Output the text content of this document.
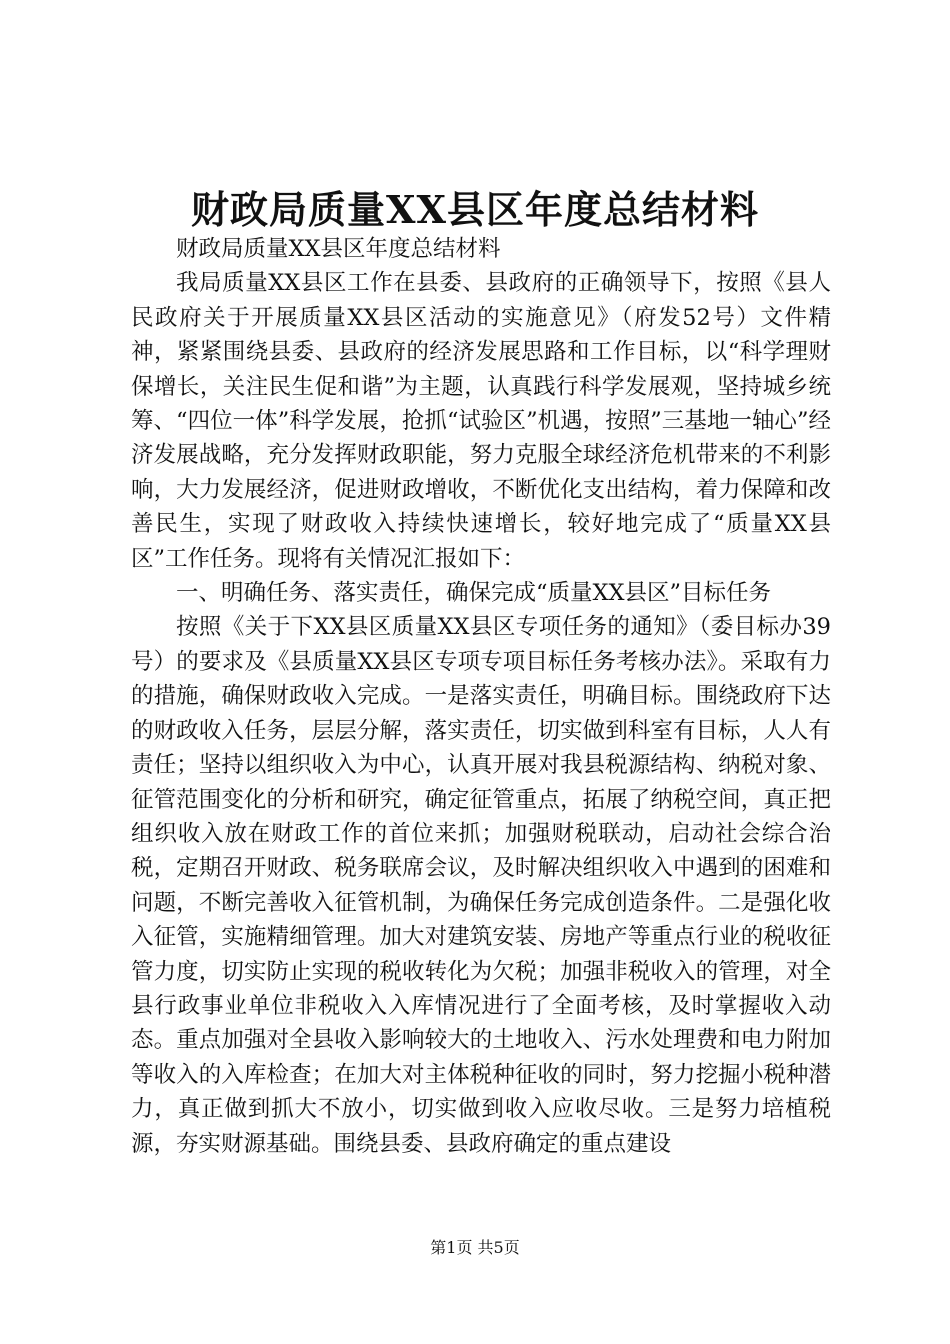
财政局质量XX县区年度总结材料

财政局质量XX县区年度总结材料

我局质量XX县区工作在县委、县政府的正确领导下，按照《县人民政府关于开展质量XX县区活动的实施意见》（府发52号）文件精神，紧紧围绕县委、县政府的经济发展思路和工作目标，以“科学理财保增长，关注民生促和谐”为主题，认真践行科学发展观，坚持城乡统筹、“四位一体”科学发展，抢抓“试验区”机遇，按照”三基地一轴心”经济发展战略，充分发挥财政职能，努力克服全球经济危机带来的不利影响，大力发展经济，促进财政增收，不断优化支出结构，着力保障和改善民生，实现了财政收入持续快速增长，较好地完成了“质量XX县区”工作任务。现将有关情况汇报如下：

一、明确任务、落实责任，确保完成“质量XX县区”目标任务

按照《关于下XX县区质量XX县区专项任务的通知》（委目标办39号）的要求及《县质量XX县区专项专项目标任务考核办法》。采取有力的措施，确保财政收入完成。一是落实责任，明确目标。围绕政府下达的财政收入任务，层层分解，落实责任，切实做到科室有目标，人人有责任；坚持以组织收入为中心，认真开展对我县税源结构、纳税对象、征管范围变化的分析和研究，确定征管重点，拓展了纳税空间，真正把组织收入放在财政工作的首位来抓；加强财税联动，启动社会综合治税，定期召开财政、税务联席会议，及时解决组织收入中遇到的困难和问题，不断完善收入征管机制，为确保任务完成创造条件。二是强化收入征管，实施精细管理。加大对建筑安装、房地产等重点行业的税收征管力度，切实防止实现的税收转化为欠税；加强非税收入的管理，对全县行政事业单位非税收入入库情况进行了全面考核，及时掌握收入动态。重点加强对全县收入影响较大的土地收入、污水处理费和电力附加等收入的入库检查；在加大对主体税种征收的同时，努力挖掘小税种潜力，真正做到抓大不放小，切实做到收入应收尽收。三是努力培植税源，夯实财源基础。围绕县委、县政府确定的重点建设

第1页 共5页
